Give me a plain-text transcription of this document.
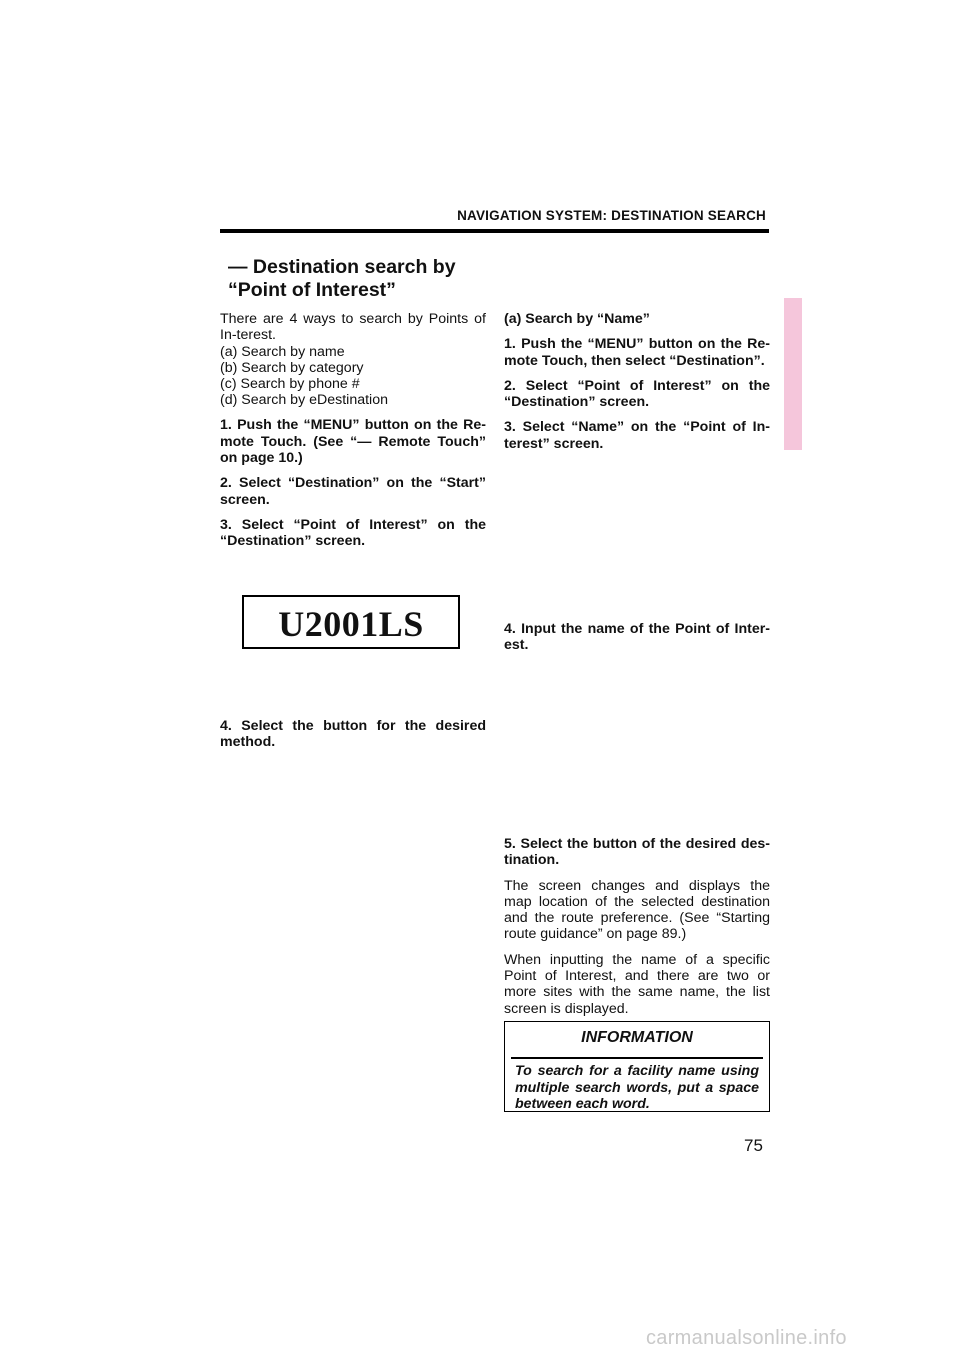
NAVIGATION SYSTEM: DESTINATION SEARCH
— Destination search by
“Point of Interest”

There are 4 ways to search by Points of In-terest.

(a) Search by name
(b) Search by category
(c) Search by phone #
(d) Search by eDestination

1. Push the “MENU” button on the Re-mote Touch. (See “— Remote Touch” on page 10.)

2. Select “Destination” on the “Start” screen.

3. Select “Point of Interest” on the “Destination” screen.

U2001LS

4. Select the button for the desired method.

(a) Search by “Name”

1. Push the “MENU” button on the Re-mote Touch, then select “Destination”.

2. Select “Point of Interest” on the “Destination” screen.

3. Select “Name” on the “Point of In-terest” screen.

4. Input the name of the Point of Inter-est.

5. Select the button of the desired des-tination.

The screen changes and displays the map location of the selected destination and the route preference. (See “Starting route guidance” on page 89.)

When inputting the name of a specific Point of Interest, and there are two or more sites with the same name, the list screen is displayed.

INFORMATION
To search for a facility name using multiple search words, put a space between each word.
75
carmanualsonline.info
